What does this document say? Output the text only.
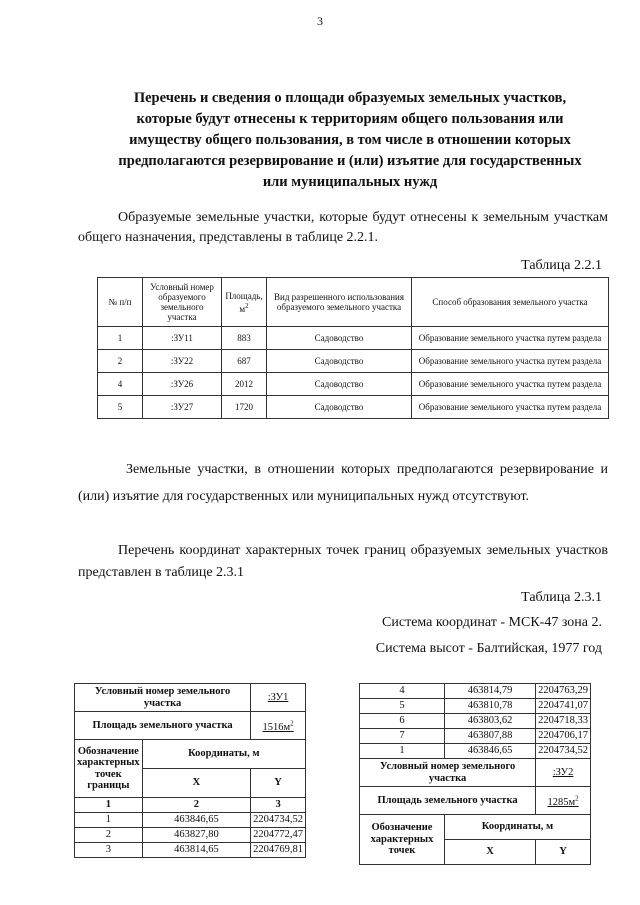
3
Перечень и сведения о площади образуемых земельных участков, которые будут отнесены к территориям общего пользования или имуществу общего пользования, в том числе в отношении которых предполагаются резервирование и (или) изъятие для государственных или муниципальных нужд
Образуемые земельные участки, которые будут отнесены к земельным участкам общего назначения, представлены в таблице 2.2.1.
Таблица 2.2.1
№ п/п	Условный номер образуемого земельного участка	Площадь, $м^2$	Вид разрешенного использования образуемого земельного участка	Способ образования земельного участка
1	:ЗУ11	883	Садоводство	Образование земельного участка путем раздела
2	:ЗУ22	687	Садоводство	Образование земельного участка путем раздела
4	:ЗУ26	2012	Садоводство	Образование земельного участка путем раздела
5	:ЗУ27	1720	Садоводство	Образование земельного участка путем раздела
Земельные участки, в отношении которых предполагаются резервирование и (или) изъятие для государственных или муниципальных нужд отсутствуют.
Перечень координат характерных точек границ образуемых земельных участков представлен в таблице 2.3.1
Таблица 2.3.1
Система координат - МСК-47 зона 2.
Система высот - Балтийская, 1977 год
Условный номер земельного участка		:ЗУ1
Площадь земельного участка		$1516м^2$
Обозначение характерных точек границы	Координаты, м	
	X	Y
1	2	3
1	463846,65	2204734,52
2	463827,80	2204772,47
3	463814,65	2204769,81
4	463814,79	2204763,29
5	463810,78	2204741,07
6	463803,62	2204718,33
7	463807,88	2204706,17
1	463846,65	2204734,52
Условный номер земельного участка		:ЗУ2
Площадь земельного участка		$1285м^2$
Обозначение характерных точек	Координаты, м	
	X	Y
